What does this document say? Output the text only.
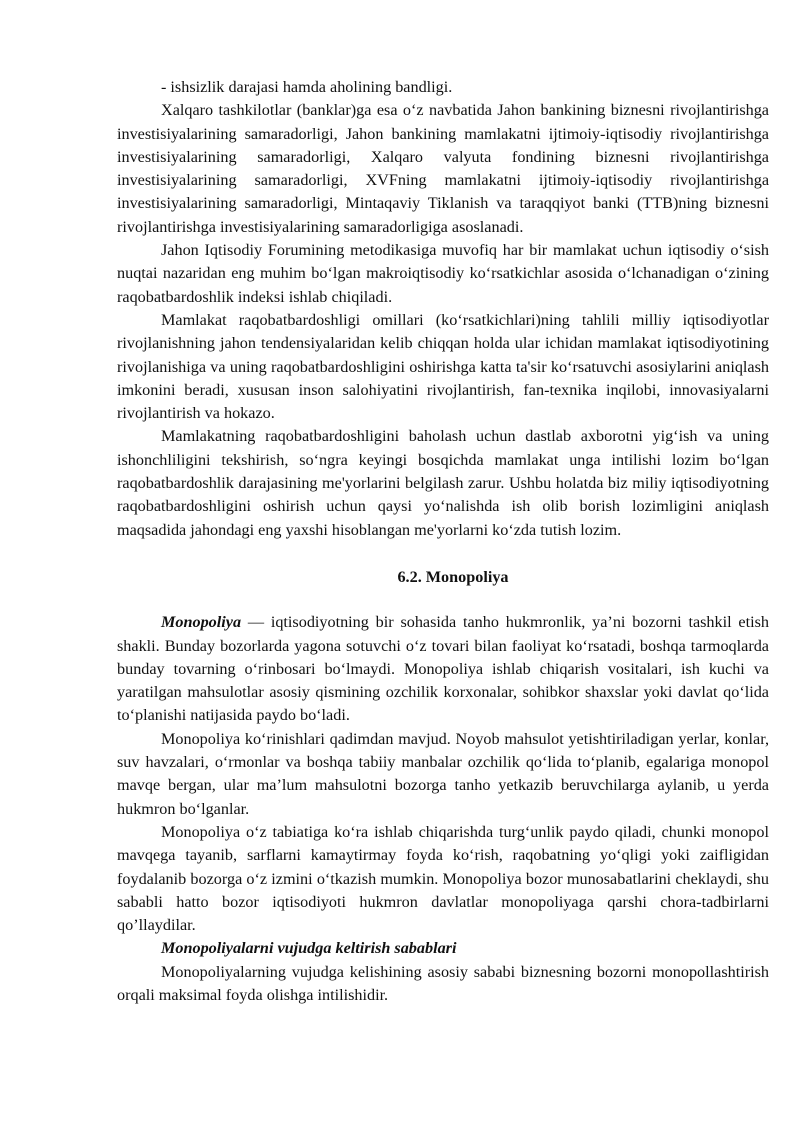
- ishsizlik darajasi hamda aholining bandligi.

Xalqaro tashkilotlar (banklar)ga esa oʻz navbatida Jahon bankining biznesni rivojlantirishga investisiyalarining samaradorligi, Jahon bankining mamlakatni ijtimoiy-iqtisodiy rivojlantirishga investisiyalarining samaradorligi, Xalqaro valyuta fondining biznesni rivojlantirishga investisiyalarining samaradorligi, XVFning mamlakatni ijtimoiy-iqtisodiy rivojlantirishga investisiyalarining samaradorligi, Mintaqaviy Tiklanish va taraqqiyot banki (TTB)ning biznesni rivojlantirishga investisiyalarining samaradorligiga asoslanadi.

Jahon Iqtisodiy Forumining metodikasiga muvofiq har bir mamlakat uchun iqtisodiy oʻsish nuqtai nazaridan eng muhim boʻlgan makroiqtisodiy koʻrsatkichlar asosida oʻlchanadigan oʻzining raqobatbardoshlik indeksi ishlab chiqiladi.

Mamlakat raqobatbardoshligi omillari (koʻrsatkichlari)ning tahlili milliy iqtisodiyotlar rivojlanishning jahon tendensiyalaridan kelib chiqqan holda ular ichidan mamlakat iqtisodiyotining rivojlanishiga va uning raqobatbardoshligini oshirishga katta ta'sir koʻrsatuvchi asosiylarini aniqlash imkonini beradi, xususan inson salohiyatini rivojlantirish, fan-texnika inqilobi, innovasiyalarni rivojlantirish va hokazo.

Mamlakatning raqobatbardoshligini baholash uchun dastlab axborotni yigʻish va uning ishonchliligini tekshirish, soʻngra keyingi bosqichda mamlakat unga intilishi lozim boʻlgan raqobatbardoshlik darajasining me'yorlarini belgilash zarur. Ushbu holatda biz miliy iqtisodiyotning raqobatbardoshligini oshirish uchun qaysi yoʻnalishda ish olib borish lozimligini aniqlash maqsadida jahondagi eng yaxshi hisoblangan me'yorlarni koʻzda tutish lozim.

6.2. Monopoliya

Monopoliya — iqtisodiyotning bir sohasida tanho hukmronlik, ya’ni bozorni tashkil etish shakli. Bunday bozorlarda yagona sotuvchi oʻz tovari bilan faoliyat koʻrsatadi, boshqa tarmoqlarda bunday tovarning oʻrinbosari boʻlmaydi. Monopoliya ishlab chiqarish vositalari, ish kuchi va yaratilgan mahsulotlar asosiy qismining ozchilik korxonalar, sohibkor shaxslar yoki davlat qoʻlida toʻplanishi natijasida paydo boʻladi.

Monopoliya koʻrinishlari qadimdan mavjud. Noyob mahsulot yetishtiriladigan yerlar, konlar, suv havzalari, oʻrmonlar va boshqa tabiiy manbalar ozchilik qoʻlida toʻplanib, egalariga monopol mavqe bergan, ular ma’lum mahsulotni bozorga tanho yetkazib beruvchilarga aylanib, u yerda hukmron boʻlganlar.

Monopoliya oʻz tabiatiga koʻra ishlab chiqarishda turgʻunlik paydo qiladi, chunki monopol mavqega tayanib, sarflarni kamaytirmay foyda koʻrish, raqobatning yoʻqligi yoki zaifligidan foydalanib bozorga oʻz izmini oʻtkazish mumkin. Monopoliya bozor munosabatlarini cheklaydi, shu sababli hatto bozor iqtisodiyoti hukmron davlatlar monopoliyaga qarshi chora-tadbirlarni qo’llaydilar.

Monopoliyalarni vujudga keltirish sabablari

Monopoliyalarning vujudga kelishining asosiy sababi biznesning bozorni monopollashtirish orqali maksimal foyda olishga intilishidir.
